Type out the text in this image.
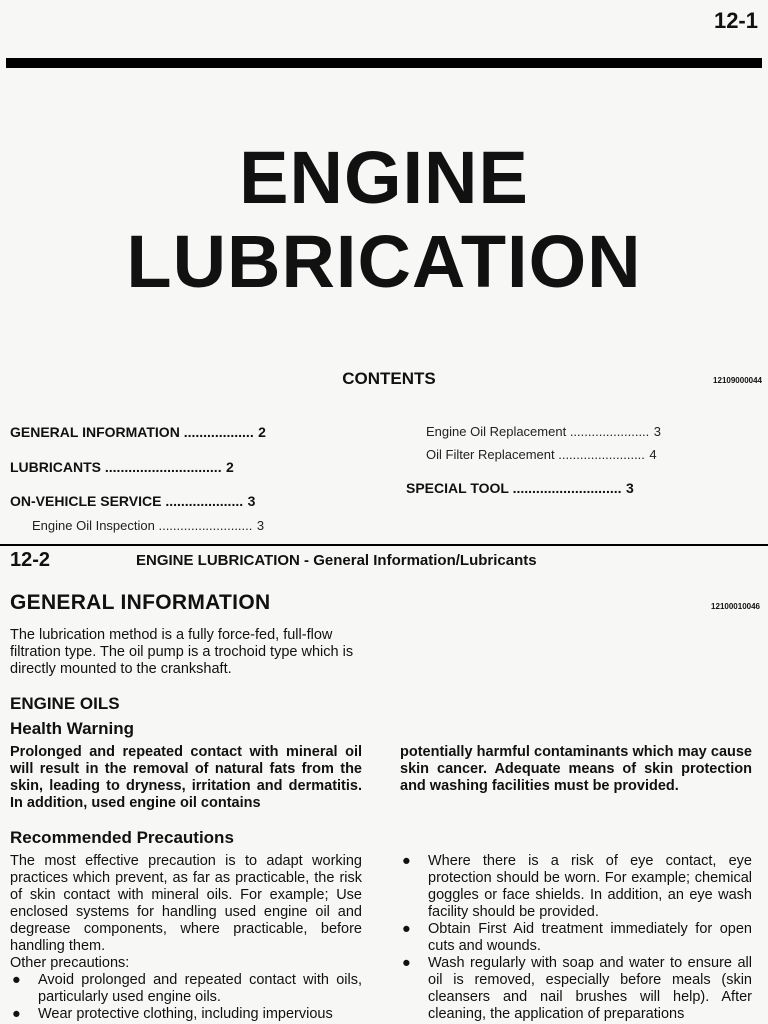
12-1
ENGINE
LUBRICATION
CONTENTS	12109000044
GENERAL INFORMATION .................. 2
LUBRICANTS .............................. 2
ON-VEHICLE SERVICE .................... 3
Engine Oil Inspection .......................... 3
Engine Oil Replacement ...................... 3
Oil Filter Replacement ........................ 4
SPECIAL TOOL ............................ 3
12-2	ENGINE LUBRICATION - General Information/Lubricants
GENERAL INFORMATION	12100010046
The lubrication method is a fully force-fed, full-flow filtration type. The oil pump is a trochoid type which is directly mounted to the crankshaft.
ENGINE OILS
Health Warning
Prolonged and repeated contact with mineral oil will result in the removal of natural fats from the skin, leading to dryness, irritation and dermatitis. In addition, used engine oil contains
potentially harmful contaminants which may cause skin cancer. Adequate means of skin protection and washing facilities must be provided.
Recommended Precautions
The most effective precaution is to adapt working practices which prevent, as far as practicable, the risk of skin contact with mineral oils. For example; Use enclosed systems for handling used engine oil and degrease components, where practicable, before handling them.
Other precautions:
● Avoid prolonged and repeated contact with oils, particularly used engine oils.
● Wear protective clothing, including impervious
● Where there is a risk of eye contact, eye protection should be worn. For example; chemical goggles or face shields. In addition, an eye wash facility should be provided.
● Obtain First Aid treatment immediately for open cuts and wounds.
● Wash regularly with soap and water to ensure all oil is removed, especially before meals (skin cleansers and nail brushes will help). After cleaning, the application of preparations
